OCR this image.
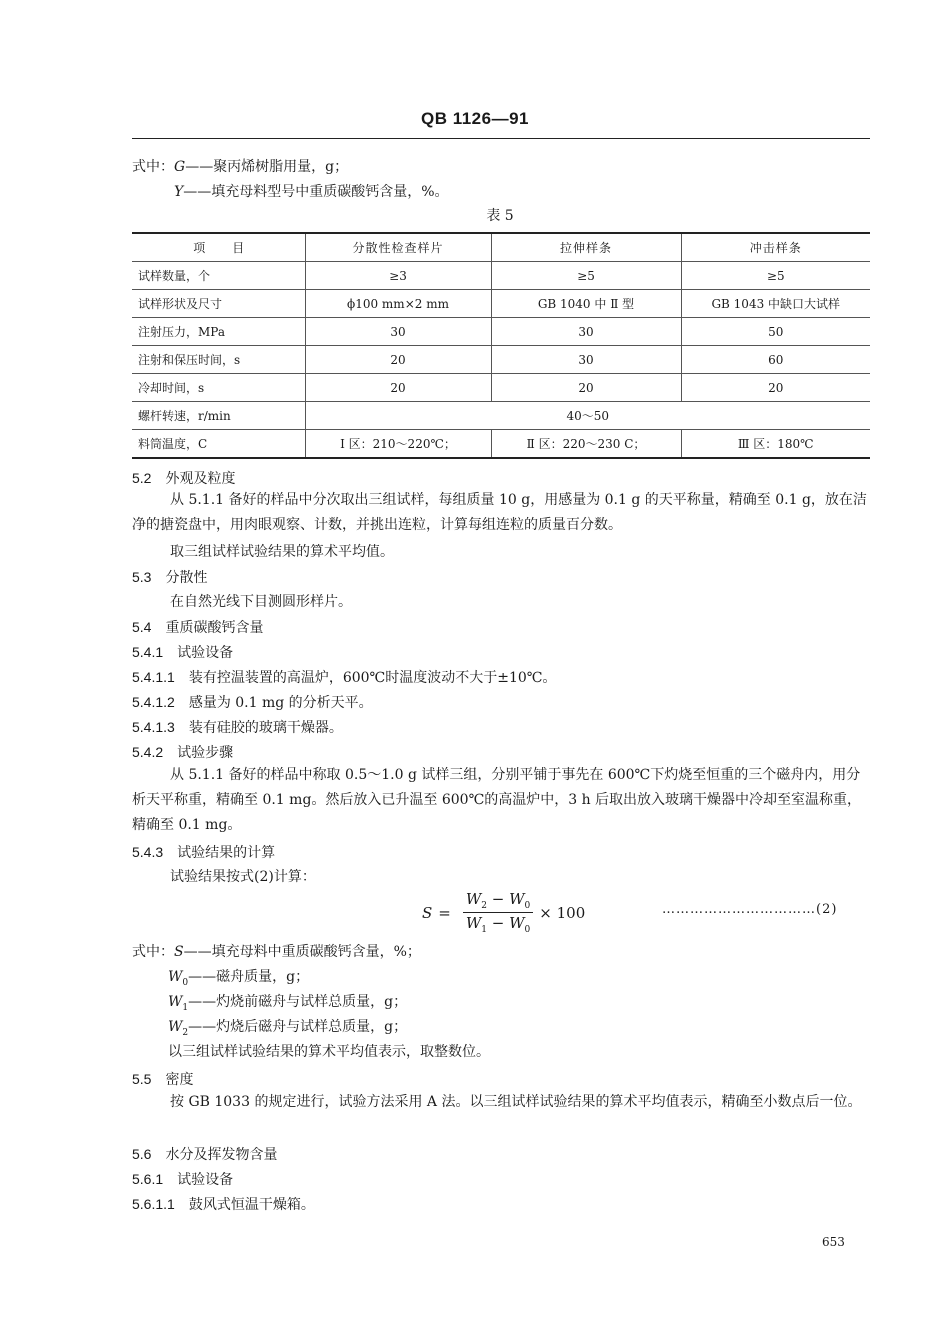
QB 1126—91
式中：G——聚丙烯树脂用量，g；
Y——填充母料型号中重质碳酸钙含量，%。
表 5
项　　目	分散性检查样片	拉伸样条	冲击样条
试样数量，个	≥3	≥5	≥5
试样形状及尺寸	ϕ100 mm×2 mm	GB 1040 中 Ⅱ 型	GB 1043 中缺口大试样
注射压力，MPa	30	30	50
注射和保压时间，s	20	30	60
冷却时间，s	20	20	20
螺杆转速，r/min	40～50		
料筒温度，C	Ⅰ 区：210～220℃；	Ⅱ 区：220～230 C；	Ⅲ 区：180℃
5.2 外观及粒度
从 5.1.1 备好的样品中分次取出三组试样，每组质量 10 g，用感量为 0.1 g 的天平称量，精确至 0.1 g，放在洁净的搪瓷盘中，用肉眼观察、计数，并挑出连粒，计算每组连粒的质量百分数。
取三组试样试验结果的算术平均值。
5.3 分散性
在自然光线下目测圆形样片。
5.4 重质碳酸钙含量
5.4.1 试验设备
5.4.1.1 装有控温装置的高温炉，600℃时温度波动不大于±10℃。
5.4.1.2 感量为 0.1 mg 的分析天平。
5.4.1.3 装有硅胶的玻璃干燥器。
5.4.2 试验步骤
从 5.1.1 备好的样品中称取 0.5～1.0 g 试样三组，分别平铺于事先在 600℃下灼烧至恒重的三个磁舟内，用分析天平称重，精确至 0.1 mg。然后放入已升温至 600℃的高温炉中，3 h 后取出放入玻璃干燥器中冷却至室温称重，精确至 0.1 mg。
5.4.3 试验结果的计算
试验结果按式(2)计算：
$S = \frac{W_2 - W_0}{W_1 - W_0} \times 100$	……………………………(2)
式中：S——填充母料中重质碳酸钙含量，%；
$W_0——$磁舟质量，g；
$W_1——$灼烧前磁舟与试样总质量，g；
$W_2——$灼烧后磁舟与试样总质量，g；
以三组试样试验结果的算术平均值表示，取整数位。
5.5 密度
按 GB 1033 的规定进行，试验方法采用 A 法。以三组试样试验结果的算术平均值表示，精确至小数点后一位。
5.6 水分及挥发物含量
5.6.1 试验设备
5.6.1.1 鼓风式恒温干燥箱。
653
